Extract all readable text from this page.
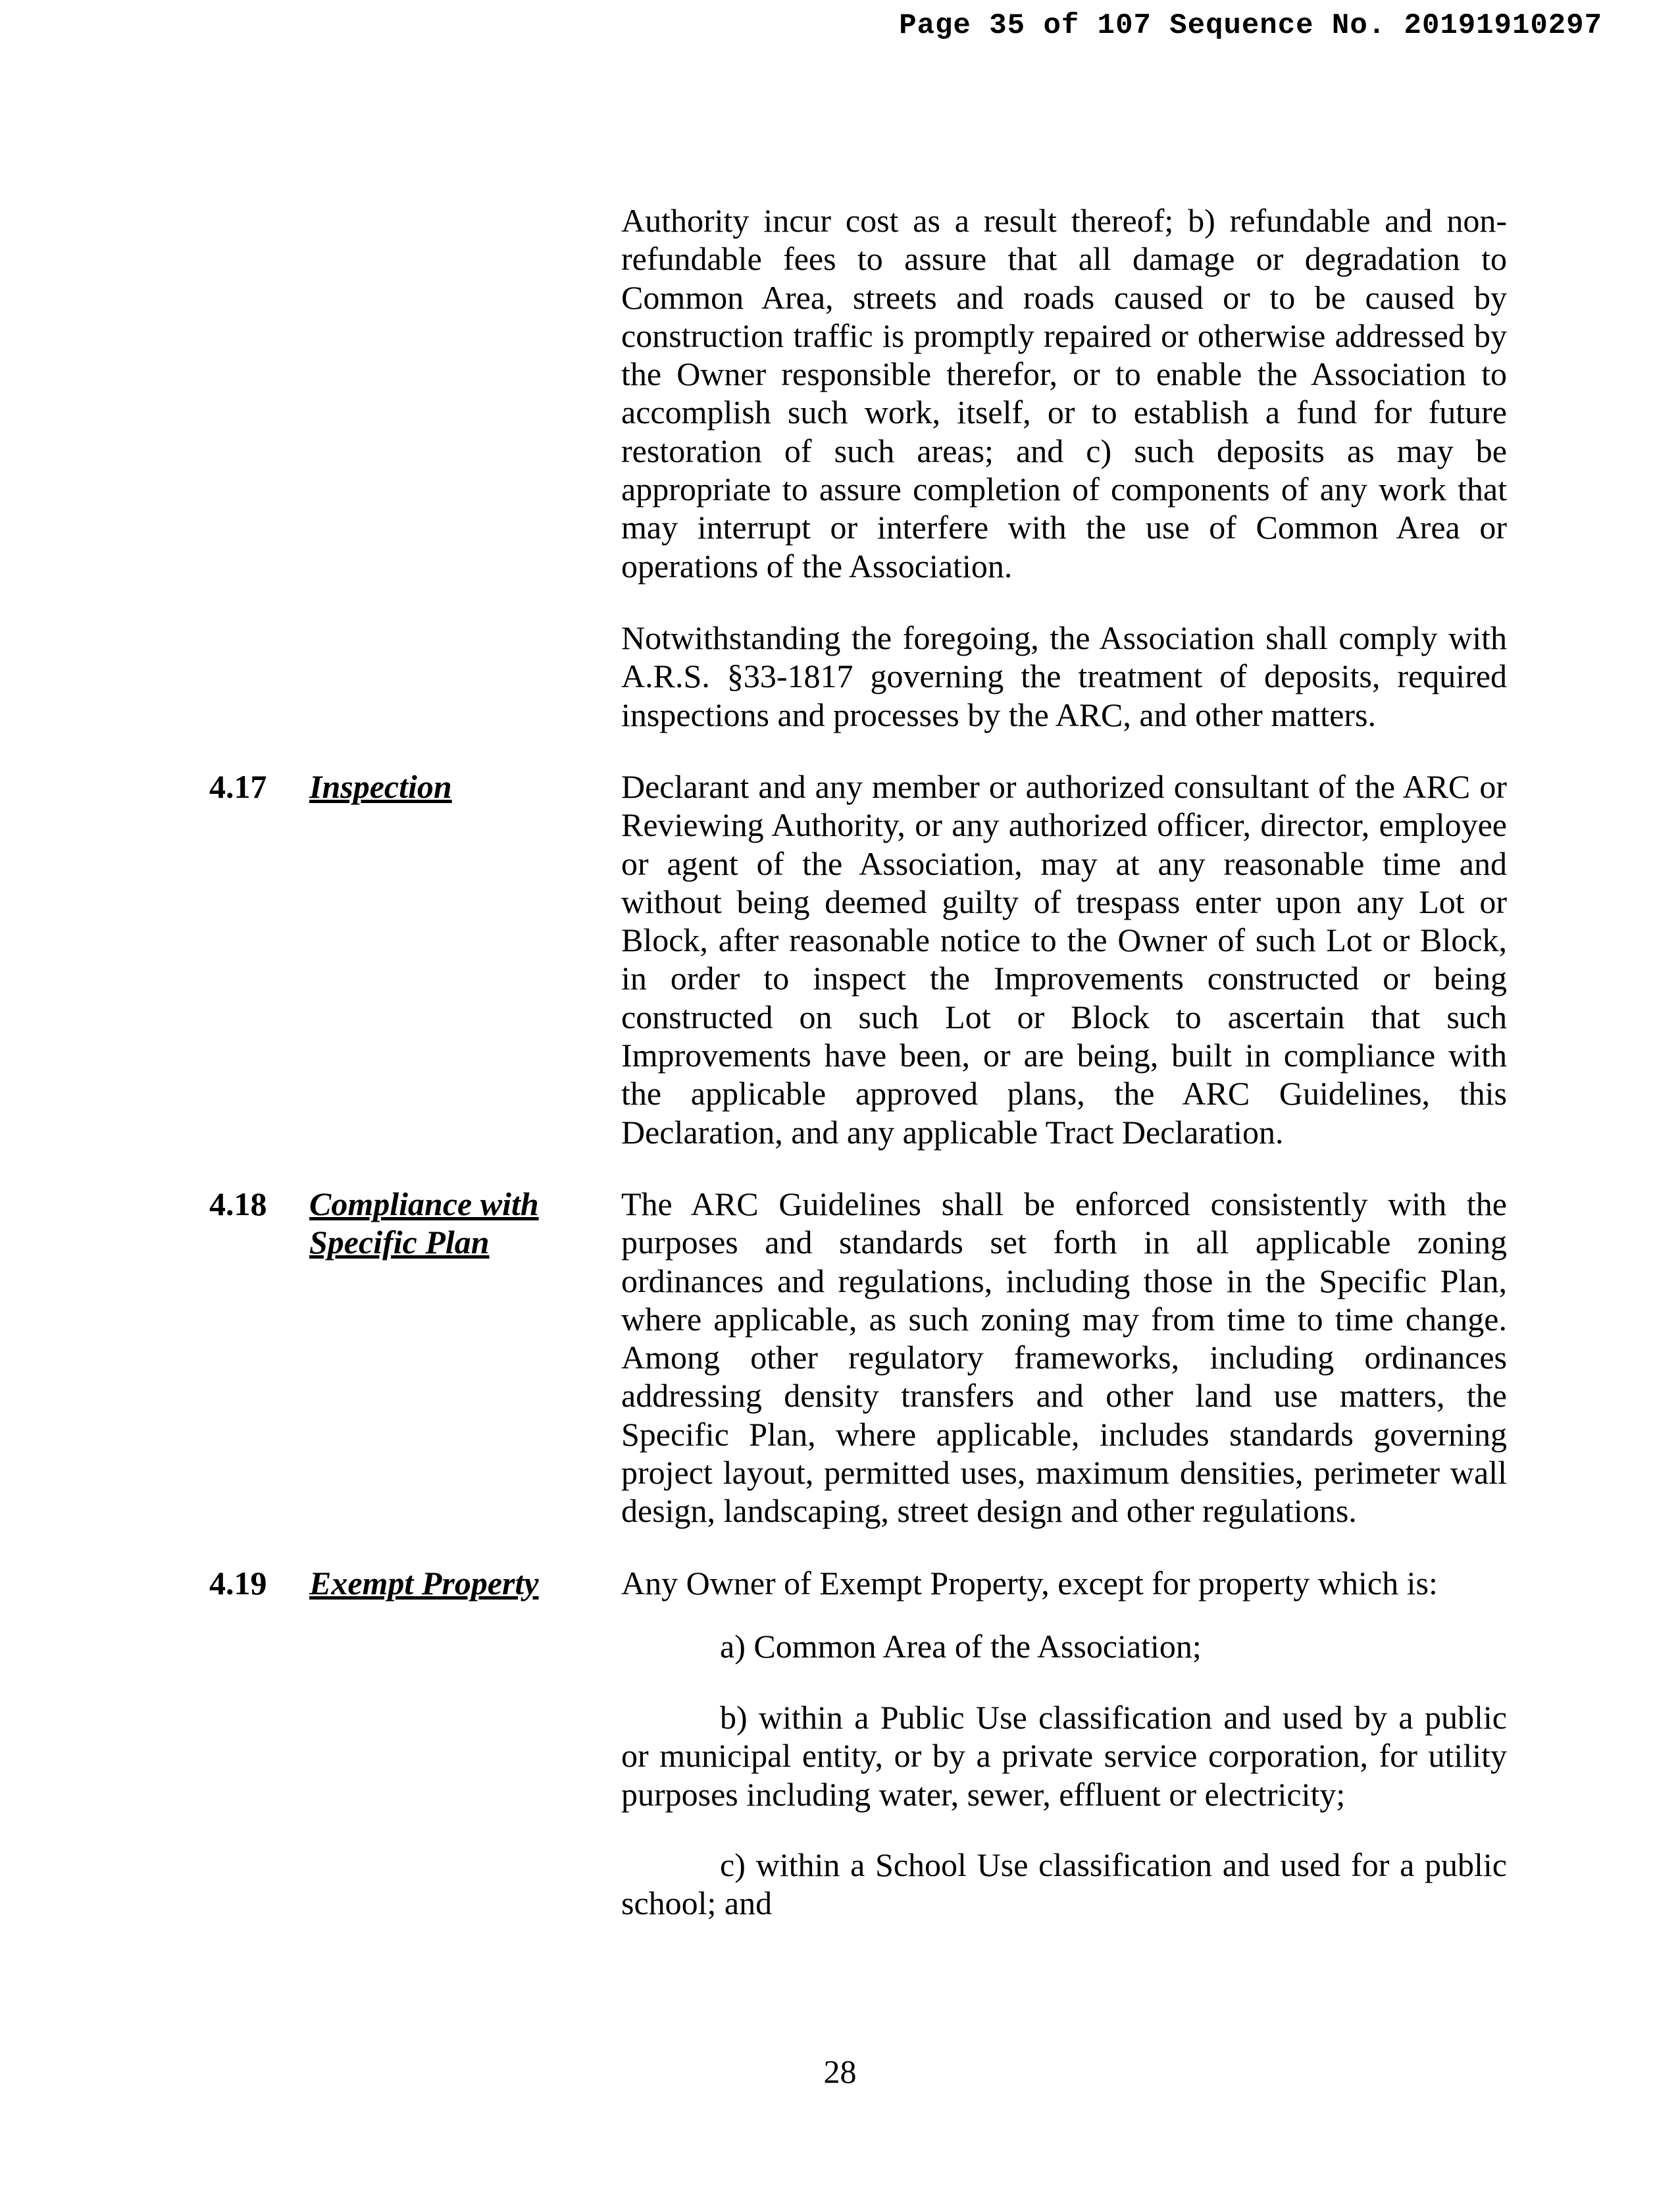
Page 35 of 107 Sequence No. 20191910297

Authority incur cost as a result thereof; b) refundable and non-refundable fees to assure that all damage or degradation to Common Area, streets and roads caused or to be caused by construction traffic is promptly repaired or otherwise addressed by the Owner responsible therefor, or to enable the Association to accomplish such work, itself, or to establish a fund for future restoration of such areas; and c) such deposits as may be appropriate to assure completion of components of any work that may interrupt or interfere with the use of Common Area or operations of the Association.

Notwithstanding the foregoing, the Association shall comply with A.R.S. §33-1817 governing the treatment of deposits, required inspections and processes by the ARC, and other matters.

4.17 Inspection	Declarant and any member or authorized consultant of the ARC or Reviewing Authority, or any authorized officer, director, employee or agent of the Association, may at any reasonable time and without being deemed guilty of trespass enter upon any Lot or Block, after reasonable notice to the Owner of such Lot or Block, in order to inspect the Improvements constructed or being constructed on such Lot or Block to ascertain that such Improvements have been, or are being, built in compliance with the applicable approved plans, the ARC Guidelines, this Declaration, and any applicable Tract Declaration.

4.18 Compliance with Specific Plan

The ARC Guidelines shall be enforced consistently with the purposes and standards set forth in all applicable zoning ordinances and regulations, including those in the Specific Plan, where applicable, as such zoning may from time to time change. Among other regulatory frameworks, including ordinances addressing density transfers and other land use matters, the Specific Plan, where applicable, includes standards governing project layout, permitted uses, maximum densities, perimeter wall design, landscaping, street design and other regulations.

4.19 Exempt Property	Any Owner of Exempt Property, except for property which is:

a) Common Area of the Association;
b) within a Public Use classification and used by a public or municipal entity, or by a private service corporation, for utility purposes including water, sewer, effluent or electricity;
c) within a School Use classification and used for a public school; and
28
